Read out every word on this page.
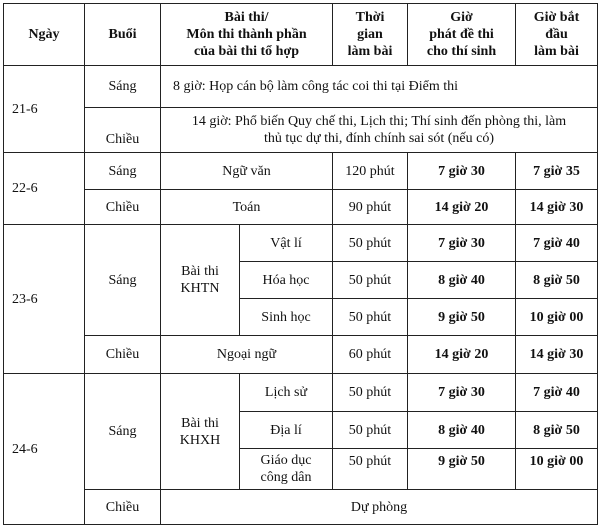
Ngày	Buổi	Bài thi/
Môn thi thành phần
của bài thi tổ hợp		Thời
gian
làm bài	Giờ
phát đề thi
cho thí sinh	Giờ bắt
đầu
làm bài
21-6	Sáng	8 giờ: Họp cán bộ làm công tác coi thi tại Điểm thi				
	Chiều	14 giờ: Phổ biến Quy chế thi, Lịch thi; Thí sinh đến phòng thi, làm
thủ tục dự thi, đính chính sai sót (nếu có)				
22-6	Sáng	Ngữ văn		120 phút	7 giờ 30	7 giờ 35
	Chiều	Toán		90 phút	14 giờ 20	14 giờ 30
23-6	Sáng	Bài thi
KHTN	Vật lí	50 phút	7 giờ 30	7 giờ 40
			Hóa học	50 phút	8 giờ 40	8 giờ 50
			Sinh học	50 phút	9 giờ 50	10 giờ 00
	Chiều	Ngoại ngữ		60 phút	14 giờ 20	14 giờ 30
24-6	Sáng	Bài thi
KHXH	Lịch sử	50 phút	7 giờ 30	7 giờ 40
			Địa lí	50 phút	8 giờ 40	8 giờ 50
			Giáo dục
công dân	50 phút	9 giờ 50	10 giờ 00
	Chiều	Dự phòng				
